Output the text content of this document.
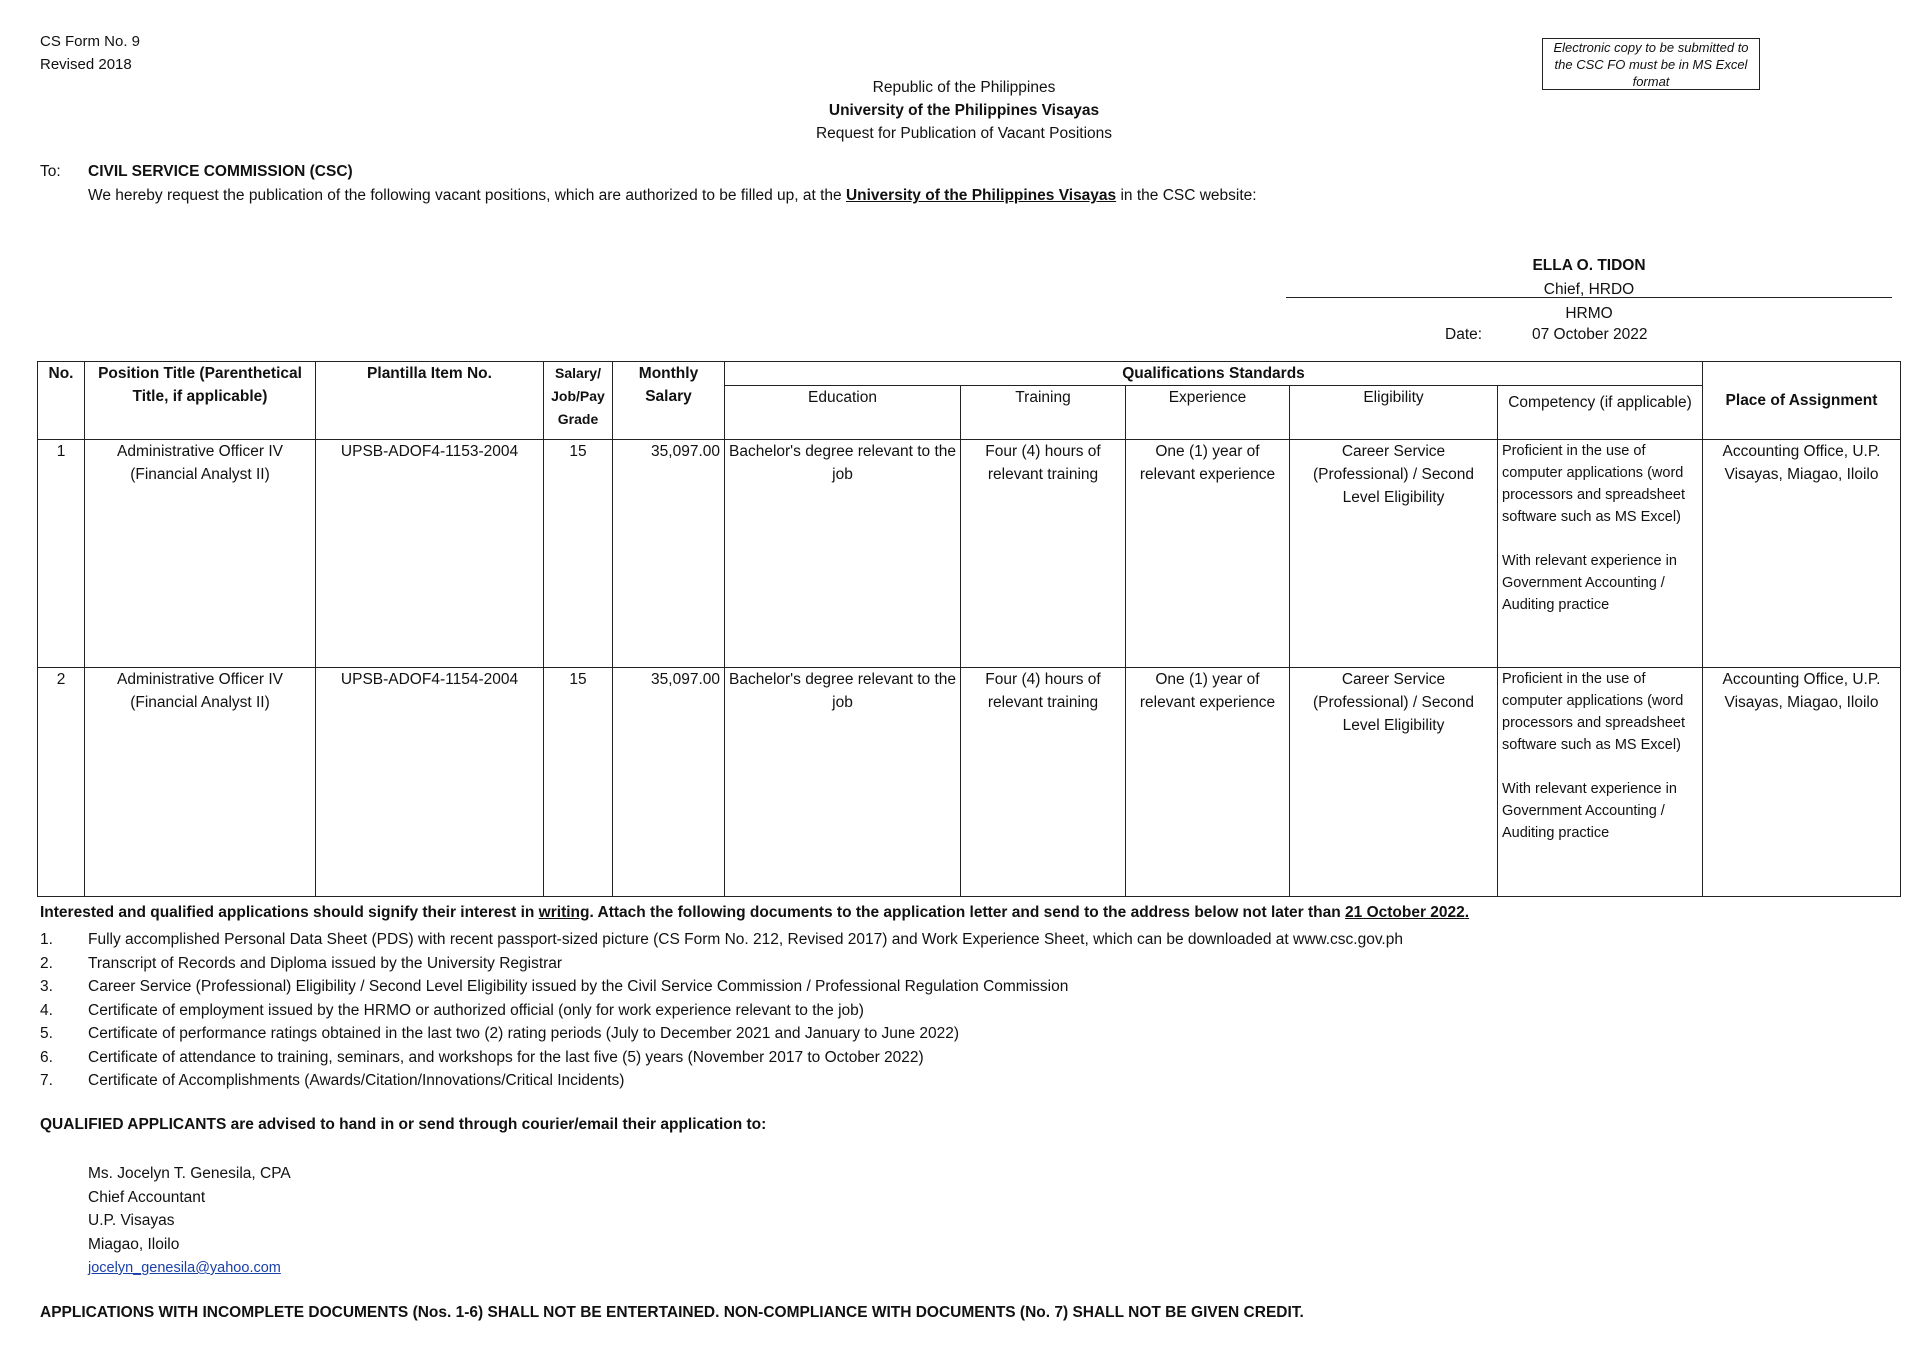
CS Form No. 9
Revised 2018
Electronic copy to be submitted to the CSC FO must be in MS Excel format
Republic of the Philippines
University of the Philippines Visayas
Request for Publication of Vacant Positions
To: CIVIL SERVICE COMMISSION (CSC)
We hereby request the publication of the following vacant positions, which are authorized to be filled up, at the University of the Philippines Visayas in the CSC website:
ELLA O. TIDON
Chief, HRDO
HRMO
Date:	07 October 2022
No.	Position Title (Parenthetical Title, if applicable)	Plantilla Item No.	Salary/ Job/Pay Grade	Monthly Salary	Qualifications Standards					Place of Assignment
					Education	Training	Experience	Eligibility	Competency (if applicable)	
1	Administrative Officer IV (Financial Analyst II)	UPSB-ADOF4-1153-2004	15	35,097.00	Bachelor's degree relevant to the job	Four (4) hours of relevant training	One (1) year of relevant experience	Career Service (Professional) / Second Level Eligibility	Proficient in the use of computer applications (word processors and spreadsheet software such as MS Excel)
With relevant experience in Government Accounting / Auditing practice	Accounting Office, U.P. Visayas, Miagao, Iloilo
2	Administrative Officer IV (Financial Analyst II)	UPSB-ADOF4-1154-2004	15	35,097.00	Bachelor's degree relevant to the job	Four (4) hours of relevant training	One (1) year of relevant experience	Career Service (Professional) / Second Level Eligibility	Proficient in the use of computer applications (word processors and spreadsheet software such as MS Excel)
With relevant experience in Government Accounting / Auditing practice	Accounting Office, U.P. Visayas, Miagao, Iloilo
Interested and qualified applications should signify their interest in writing. Attach the following documents to the application letter and send to the address below not later than 21 October 2022.
1. Fully accomplished Personal Data Sheet (PDS) with recent passport-sized picture (CS Form No. 212, Revised 2017) and Work Experience Sheet, which can be downloaded at www.csc.gov.ph
2. Transcript of Records and Diploma issued by the University Registrar
3. Career Service (Professional) Eligibility / Second Level Eligibility issued by the Civil Service Commission / Professional Regulation Commission
4. Certificate of employment issued by the HRMO or authorized official (only for work experience relevant to the job)
5. Certificate of performance ratings obtained in the last two (2) rating periods (July to December 2021 and January to June 2022)
6. Certificate of attendance to training, seminars, and workshops for the last five (5) years (November 2017 to October 2022)
7. Certificate of Accomplishments (Awards/Citation/Innovations/Critical Incidents)
QUALIFIED APPLICANTS are advised to hand in or send through courier/email their application to:
Ms. Jocelyn T. Genesila, CPA
Chief Accountant
U.P. Visayas
Miagao, Iloilo
jocelyn_genesila@yahoo.com
APPLICATIONS WITH INCOMPLETE DOCUMENTS (Nos. 1-6) SHALL NOT BE ENTERTAINED. NON-COMPLIANCE WITH DOCUMENTS (No. 7) SHALL NOT BE GIVEN CREDIT.
